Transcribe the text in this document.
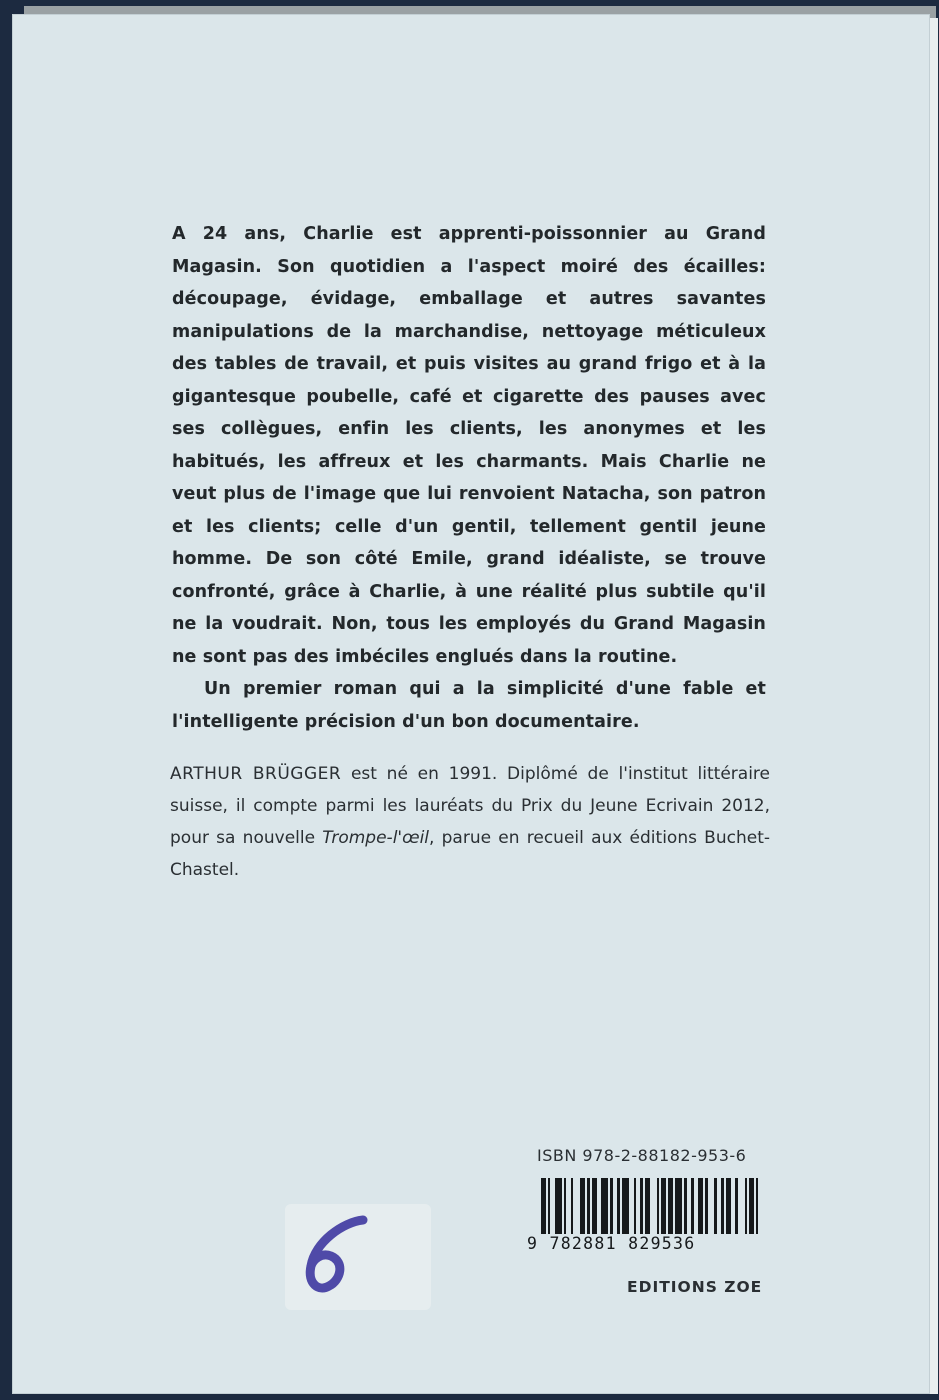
A 24 ans, Charlie est apprenti-poissonnier au Grand Magasin. Son quotidien a l'aspect moiré des écailles: découpage, évidage, emballage et autres savantes manipulations de la marchandise, nettoyage méticuleux des tables de travail, et puis visites au grand frigo et à la gigantesque poubelle, café et cigarette des pauses avec ses collègues, enfin les clients, les anonymes et les habitués, les affreux et les charmants. Mais Charlie ne veut plus de l'image que lui renvoient Natacha, son patron et les clients; celle d'un gentil, tellement gentil jeune homme. De son côté Emile, grand idéaliste, se trouve confronté, grâce à Charlie, à une réalité plus subtile qu'il ne la voudrait. Non, tous les employés du Grand Magasin ne sont pas des imbéciles englués dans la routine.

Un premier roman qui a la simplicité d'une fable et l'intelligente précision d'un bon documentaire.

ARTHUR BRÜGGER est né en 1991. Diplômé de l'institut littéraire suisse, il compte parmi les lauréats du Prix du Jeune Ecrivain 2012, pour sa nouvelle Trompe-l'œil, parue en recueil aux éditions Buchet-Chastel.
ISBN 978-2-88182-953-6
9 782881 829536
EDITIONS ZOE
